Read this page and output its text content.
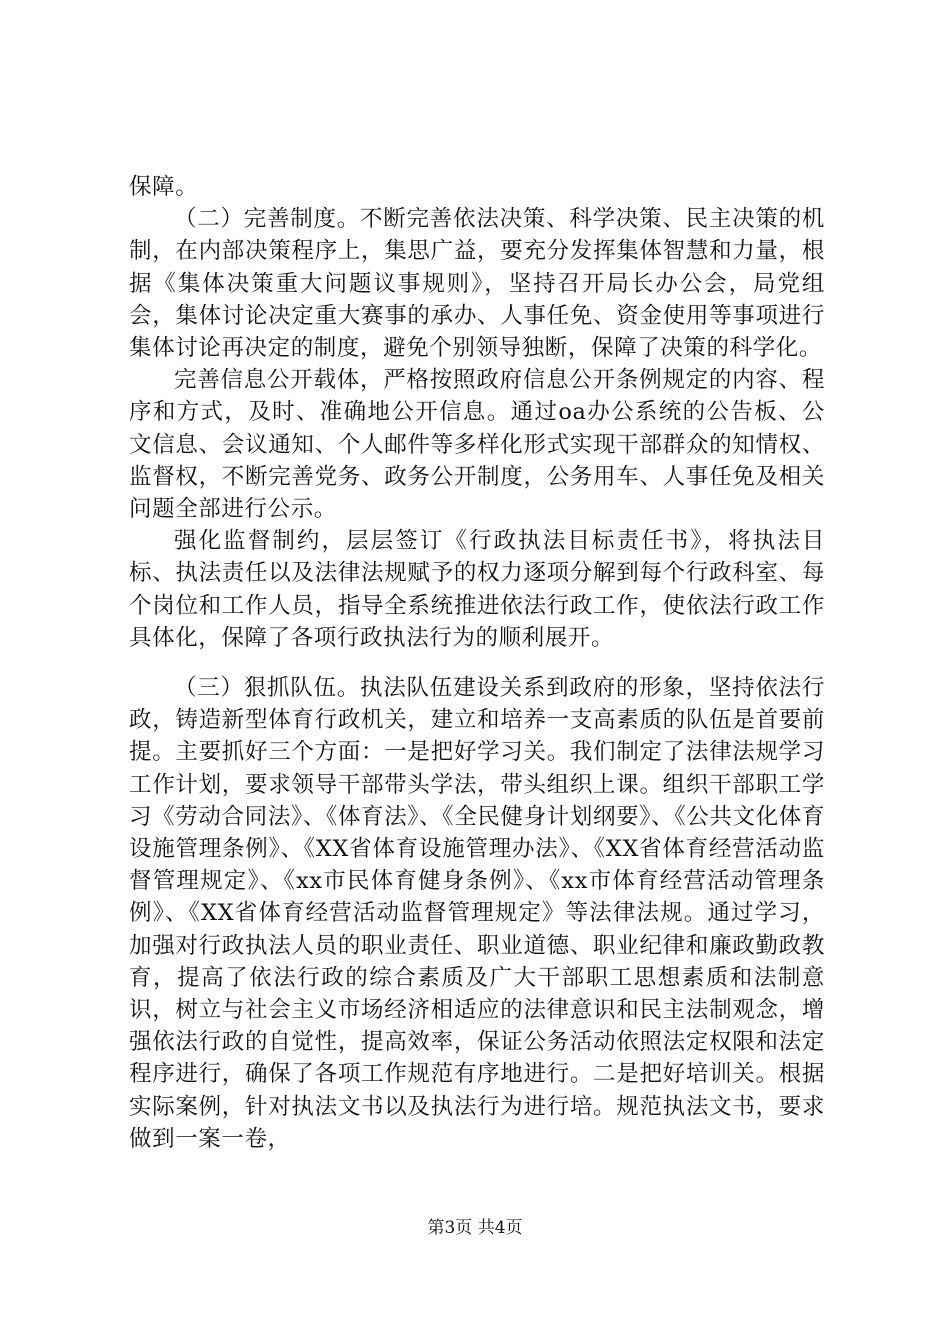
保障。

（二）完善制度。不断完善依法决策、科学决策、民主决策的机制，在内部决策程序上，集思广益，要充分发挥集体智慧和力量，根据《集体决策重大问题议事规则》，坚持召开局长办公会，局党组会，集体讨论决定重大赛事的承办、人事任免、资金使用等事项进行集体讨论再决定的制度，避免个别领导独断，保障了决策的科学化。

完善信息公开载体，严格按照政府信息公开条例规定的内容、程序和方式，及时、准确地公开信息。通过oa办公系统的公告板、公文信息、会议通知、个人邮件等多样化形式实现干部群众的知情权、监督权，不断完善党务、政务公开制度，公务用车、人事任免及相关问题全部进行公示。

强化监督制约，层层签订《行政执法目标责任书》，将执法目标、执法责任以及法律法规赋予的权力逐项分解到每个行政科室、每个岗位和工作人员，指导全系统推进依法行政工作，使依法行政工作具体化，保障了各项行政执法行为的顺利展开。

（三）狠抓队伍。执法队伍建设关系到政府的形象，坚持依法行政，铸造新型体育行政机关，建立和培养一支高素质的队伍是首要前提。主要抓好三个方面：一是把好学习关。我们制定了法律法规学习工作计划，要求领导干部带头学法，带头组织上课。组织干部职工学习《劳动合同法》、《体育法》、《全民健身计划纲要》、《公共文化体育设施管理条例》、《XX省体育设施管理办法》、《XX省体育经营活动监督管理规定》、《xx市民体育健身条例》、《xx市体育经营活动管理条例》、《XX省体育经营活动监督管理规定》等法律法规。通过学习，加强对行政执法人员的职业责任、职业道德、职业纪律和廉政勤政教育，提高了依法行政的综合素质及广大干部职工思想素质和法制意识，树立与社会主义市场经济相适应的法律意识和民主法制观念，增强依法行政的自觉性，提高效率，保证公务活动依照法定权限和法定程序进行，确保了各项工作规范有序地进行。二是把好培训关。根据实际案例，针对执法文书以及执法行为进行培。规范执法文书，要求做到一案一卷，

第3页 共4页
